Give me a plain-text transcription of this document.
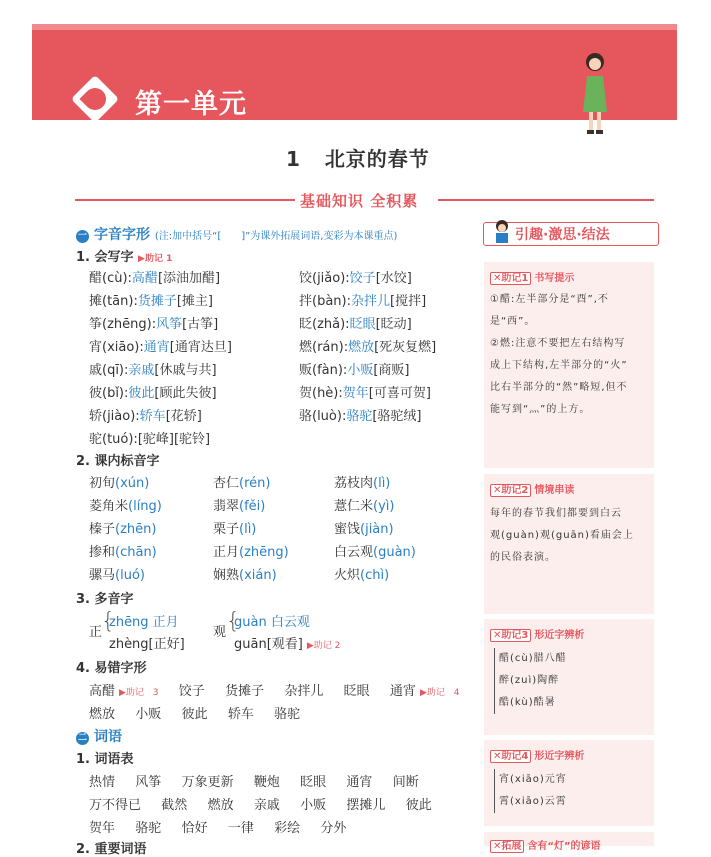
第一单元
1 北京的春节
基础知识 全积累
一 字音字形 (注:加中括号“[　　]”为课外拓展词语,变彩为本课重点)
1. 会写字 ▶助记 1
醋(cù):高醋[添油加醋]
摊(tān):货摊子[摊主]
筝(zhēng):风筝[古筝]
宵(xiāo):通宵[通宵达旦]
戚(qī):亲戚[休戚与共]
彼(bǐ):彼此[顾此失彼]
轿(jiào):轿车[花轿]
驼(tuó):[驼峰][驼铃]
饺(jiǎo):饺子[水饺]
拌(bàn):杂拌儿[搅拌]
眨(zhǎ):眨眼[眨动]
燃(rán):燃放[死灰复燃]
贩(fàn):小贩[商贩]
贺(hè):贺年[可喜可贺]
骆(luò):骆驼[骆驼绒]
2. 课内标音字
初旬(xún)
菱角米(líng)
榛子(zhēn)
掺和(chān)
骡马(luó)
杏仁(rén)
翡翠(fěi)
栗子(lì)
正月(zhēng)
娴熟(xián)
荔枝肉(lì)
薏仁米(yì)
蜜饯(jiàn)
白云观(guàn)
火炽(chì)
3. 多音字
正
{
zhēng 正月
zhèng[正好]
观 {
guàn 白云观
guān[观看] ▶助记 2
4. 易错字形
高醋 ▶助记 3 饺子 货摊子 杂拌儿 眨眼 通宵 ▶助记 4
燃放 小贩 彼此 轿车 骆驼
二 词语
1. 词语表
热情 风筝 万象更新 鞭炮 眨眼 通宵 间断
万不得已 截然 燃放 亲戚 小贩 摆摊儿 彼此
贺年 骆驼 恰好 一律 彩绘 分外
2. 重要词语
引趣·激思·结法
✕助记1 书写提示
①醋:左半部分是“酉”,不
是“西”。
②燃:注意不要把左右结构写
成上下结构,左半部分的“火”
比右半部分的“然”略短,但不
能写到“灬”的上方。
✕助记2 情境串读
每年的春节我们都要到白云
观(guàn)观(guān)看庙会上
的民俗表演。
✕助记3 形近字辨析
醋(cù)腊八醋
醉(zuì)陶醉
酷(kù)酷暑
✕助记4 形近字辨析
宵(xiāo)元宵
霄(xiāo)云霄
✕拓展 含有“灯”的谚语
